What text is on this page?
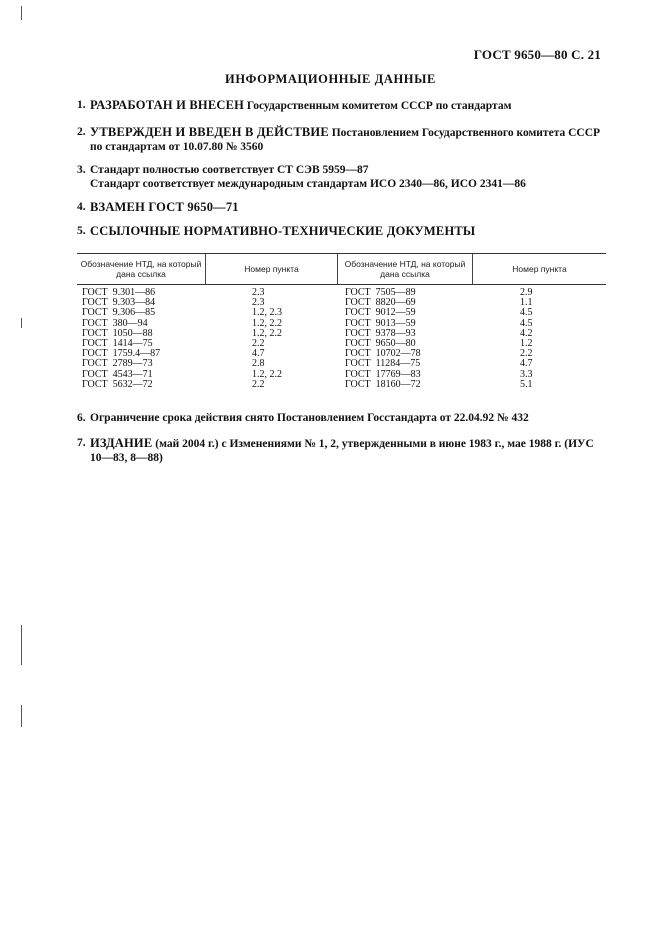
ГОСТ 9650—80 С. 21
ИНФОРМАЦИОННЫЕ ДАННЫЕ
1. РАЗРАБОТАН И ВНЕСЕН Государственным комитетом СССР по стандартам
2. УТВЕРЖДЕН И ВВЕДЕН В ДЕЙСТВИЕ Постановлением Государственного комитета СССР по стандартам от 10.07.80 № 3560
3. Стандарт полностью соответствует СТ СЭВ 5959—87
Стандарт соответствует международным стандартам ИСО 2340—86, ИСО 2341—86
4. ВЗАМЕН ГОСТ 9650—71
5. ССЫЛОЧНЫЕ НОРМАТИВНО-ТЕХНИЧЕСКИЕ ДОКУМЕНТЫ
Обозначение НТД, на который дана ссылка	Номер пункта	Обозначение НТД, на который дана ссылка	Номер пункта
ГОСТ  9.301—86	2.3	ГОСТ  7505—89	2.9
ГОСТ  9.303—84	2.3	ГОСТ  8820—69	1.1
ГОСТ  9.306—85	1.2, 2.3	ГОСТ  9012—59	4.5
ГОСТ  380—94	1.2, 2.2	ГОСТ  9013—59	4.5
ГОСТ  1050—88	1.2, 2.2	ГОСТ  9378—93	4.2
ГОСТ  1414—75	2.2	ГОСТ  9650—80	1.2
ГОСТ  1759.4—87	4.7	ГОСТ  10702—78	2.2
ГОСТ  2789—73	2.8	ГОСТ  11284—75	4.7
ГОСТ  4543—71	1.2, 2.2	ГОСТ  17769—83	3.3
ГОСТ  5632—72	2.2	ГОСТ  18160—72	5.1
6. Ограничение срока действия снято Постановлением Госстандарта от 22.04.92 № 432
7. ИЗДАНИЕ (май 2004 г.) с Изменениями № 1, 2, утвержденными в июне 1983 г., мае 1988 г. (ИУС 10—83, 8—88)
